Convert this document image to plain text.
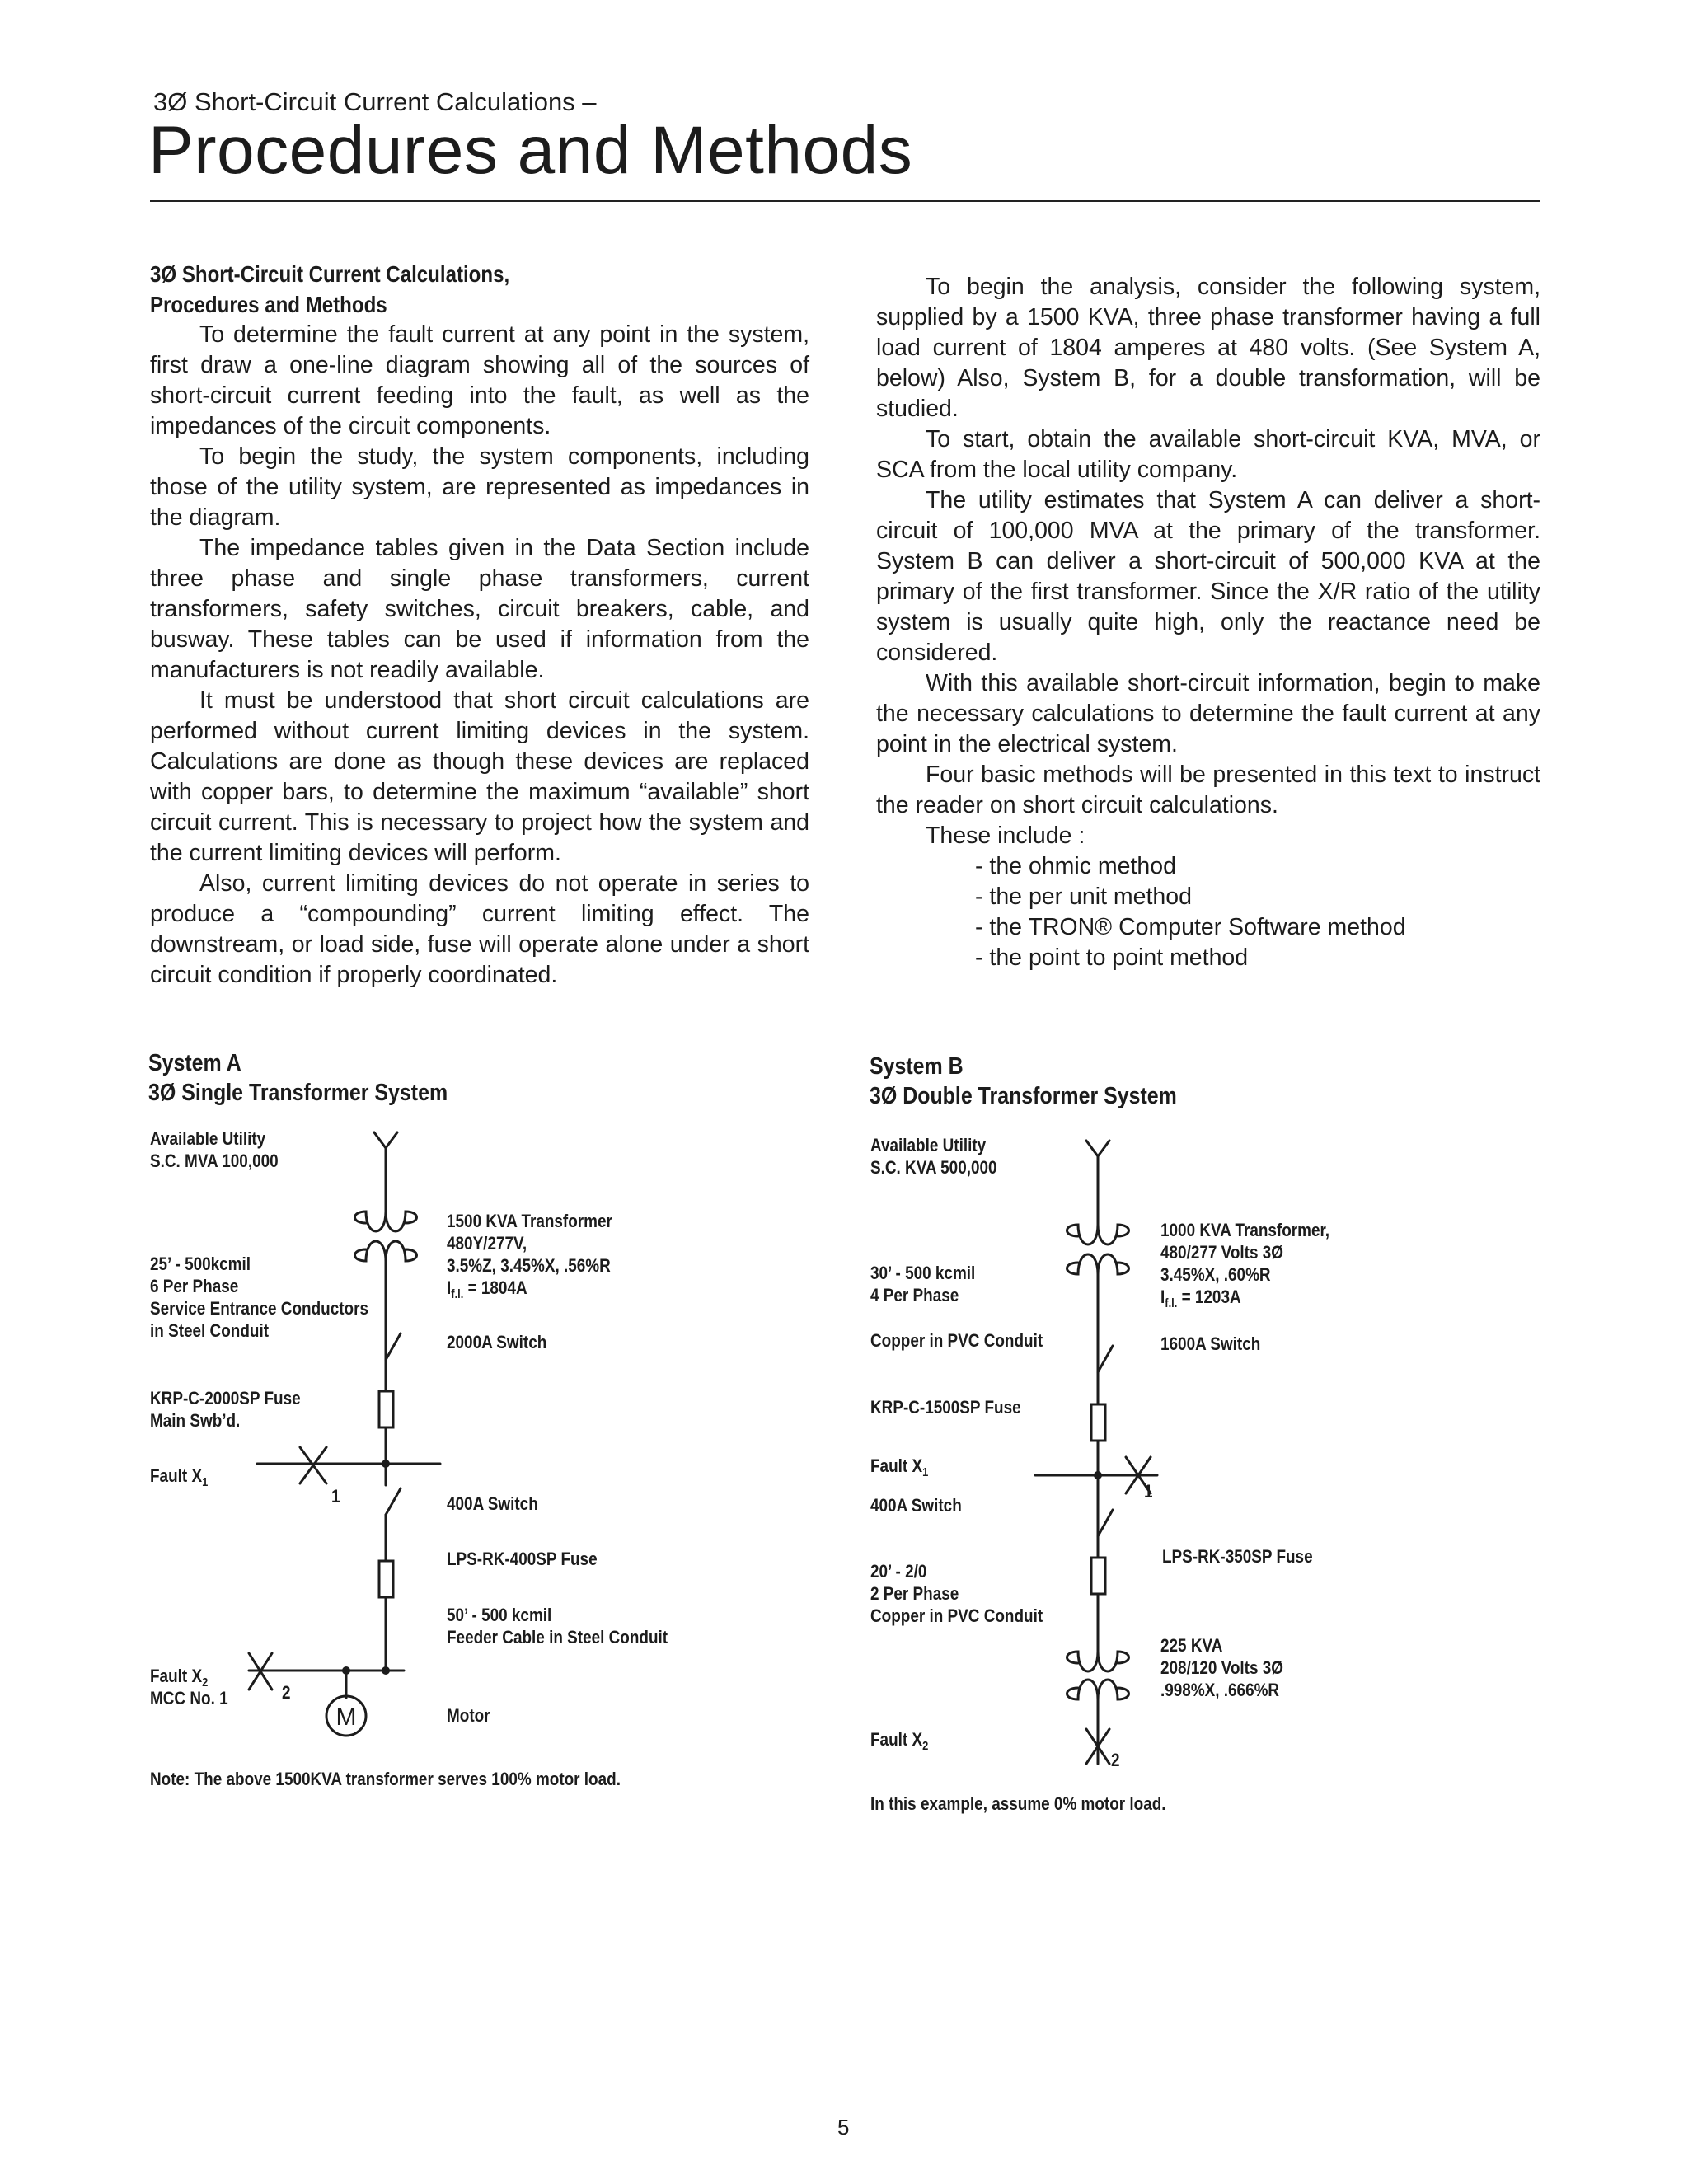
3Ø Short-Circuit Current Calculations –
Procedures and Methods
3Ø Short-Circuit Current Calculations,
Procedures and Methods

To determine the fault current at any point in the system, first draw a one-line diagram showing all of the sources of short-circuit current feeding into the fault, as well as the impedances of the circuit components.

To begin the study, the system components, including those of the utility system, are represented as impedances in the diagram.

The impedance tables given in the Data Section include three phase and single phase transformers, current transformers, safety switches, circuit breakers, cable, and busway. These tables can be used if information from the manufacturers is not readily available.

It must be understood that short circuit calculations are performed without current limiting devices in the system. Calculations are done as though these devices are replaced with copper bars, to determine the maximum “available” short circuit current. This is necessary to project how the system and the current limiting devices will perform.

Also, current limiting devices do not operate in series to produce a “compounding” current limiting effect. The downstream, or load side, fuse will operate alone under a short circuit condition if properly coordinated.

To begin the analysis, consider the following system, supplied by a 1500 KVA, three phase transformer having a full load current of 1804 amperes at 480 volts. (See System A, below) Also, System B, for a double transformation, will be studied.

To start, obtain the available short-circuit KVA, MVA, or SCA from the local utility company.

The utility estimates that System A can deliver a short-circuit of 100,000 MVA at the primary of the transformer. System B can deliver a short-circuit of 500,000 KVA at the primary of the first transformer. Since the X/R ratio of the utility system is usually quite high, only the reactance need be considered.

With this available short-circuit information, begin to make the necessary calculations to determine the fault current at any point in the electrical system.

Four basic methods will be presented in this text to instruct the reader on short circuit calculations.

These include :

- the ohmic method
- the per unit method
- the TRON® Computer Software method
- the point to point method
System A
3Ø Single Transformer System
Available Utility
S.C. MVA 100,000
25’ - 500kcmil
6 Per Phase
Service Entrance Conductors
in Steel Conduit
1500 KVA Transformer
480Y/277V,
3.5%Z, 3.45%X, .56%R
$I_{f.l.} = 1804A$
2000A Switch
KRP-C-2000SP Fuse
Main Swb’d.
Fault $X_1$
1	400A Switch
LPS-RK-400SP Fuse
50’ - 500 kcmil
Feeder Cable in Steel Conduit
Fault $X_2$
MCC No. 1	2
Motor
Note: The above 1500KVA transformer serves 100% motor load.
System B
3Ø Double Transformer System
Available Utility
S.C. KVA 500,000
30’ - 500 kcmil
4 Per Phase
Copper in PVC Conduit
1000 KVA Transformer,
480/277 Volts 3Ø
3.45%X, .60%R
$I_{f.l.} = 1203A$
1600A Switch
KRP-C-1500SP Fuse
Fault $X_1$
1
400A Switch
LPS-RK-350SP Fuse
20’ - 2/0
2 Per Phase
Copper in PVC Conduit
225 KVA
208/120 Volts 3Ø
.998%X, .666%R
Fault $X_2$
2
In this example, assume 0% motor load.
5
M
